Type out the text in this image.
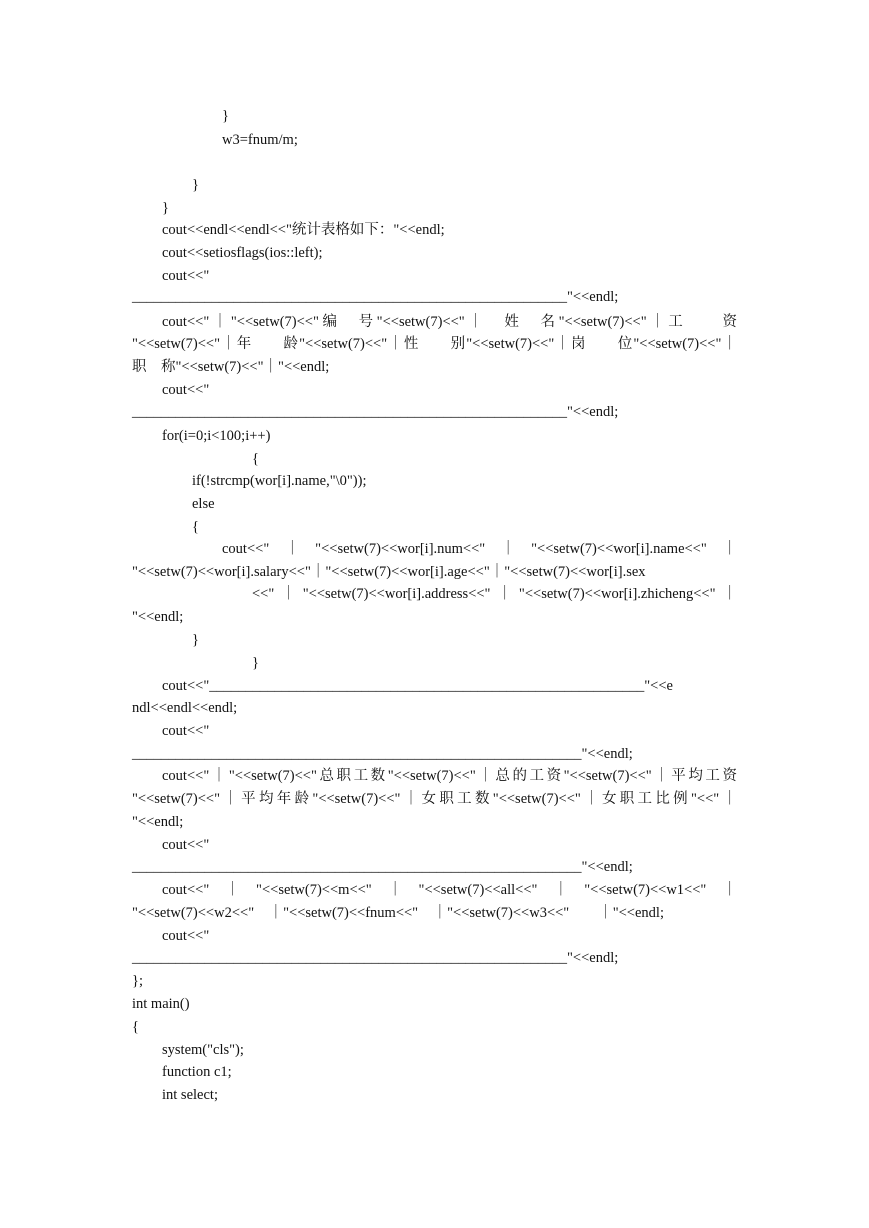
}
w3=fnum/m;
}
}
cout<<endl<<endl<<"统计表格如下："<<endl;
cout<<setiosflags(ios::left);
cout<<"
____________________________________________________________"<<endl;
cout<<"｜"<<setw(7)<<"编　号"<<setw(7)<<"｜　姓　名"<<setw(7)<<"｜工　　资
"<<setw(7)<<"｜年　　龄"<<setw(7)<<"｜性　　别"<<setw(7)<<"｜岗　　位"<<setw(7)<<"｜
职　称"<<setw(7)<<"｜"<<endl;
cout<<"
____________________________________________________________"<<endl;
for(i=0;i<100;i++)
{
if(!strcmp(wor[i].name,"\0"));
else
{
cout<<"　｜　"<<setw(7)<<wor[i].num<<"　｜　"<<setw(7)<<wor[i].name<<"　｜
"<<setw(7)<<wor[i].salary<<"｜"<<setw(7)<<wor[i].age<<"｜"<<setw(7)<<wor[i].sex
<<"｜"<<setw(7)<<wor[i].address<<"｜"<<setw(7)<<wor[i].zhicheng<<"｜
"<<endl;
}
}
cout<<"____________________________________________________________"<<e
ndl<<endl<<endl;
cout<<"
______________________________________________________________"<<endl;
cout<<"｜"<<setw(7)<<"总职工数"<<setw(7)<<"｜总的工资"<<setw(7)<<"｜平均工资
"<<setw(7)<<"｜平均年龄"<<setw(7)<<"｜女职工数"<<setw(7)<<"｜女职工比例"<<"｜
"<<endl;
cout<<"
______________________________________________________________"<<endl;
cout<<"　｜　"<<setw(7)<<m<<"　｜　"<<setw(7)<<all<<"　｜　"<<setw(7)<<w1<<"　｜
"<<setw(7)<<w2<<"　｜"<<setw(7)<<fnum<<"　｜"<<setw(7)<<w3<<"　　｜"<<endl;
cout<<"
____________________________________________________________"<<endl;
};
int main()
{
system("cls");
function c1;
int select;
